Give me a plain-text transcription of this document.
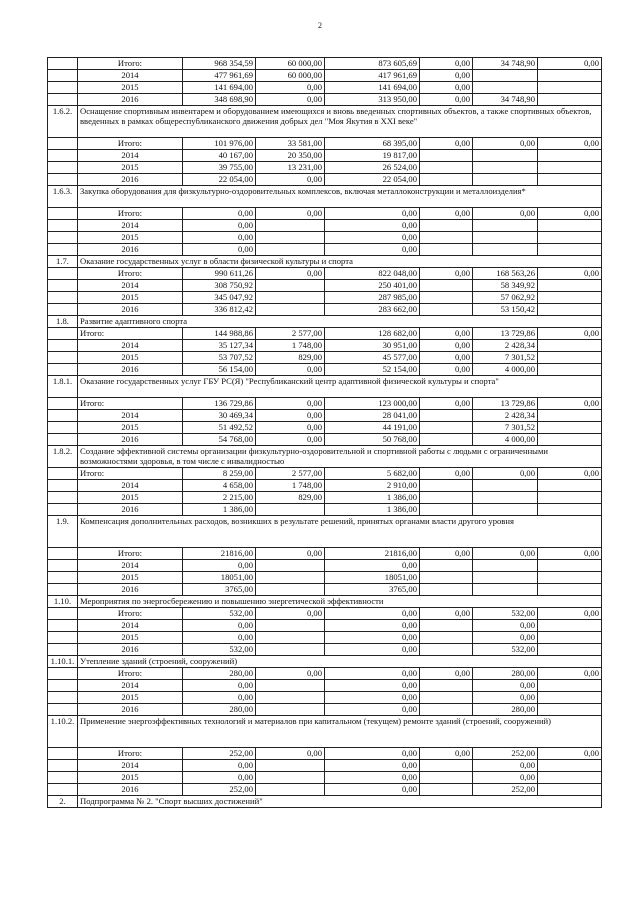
2
	Итого:	968 354,59	60 000,00	873 605,69	0,00	34 748,90	0,00
	2014	477 961,69	60 000,00	417 961,69	0,00		
	2015	141 694,00	0,00	141 694,00	0,00		
	2016	348 698,90	0,00	313 950,00	0,00	34 748,90	
1.6.2.	Оснащение спортивным инвентарем и оборудованием имеющихся и вновь введенных спортивных объектов, а также спортивных объектов, введенных в рамках общереспубликанского движения добрых дел "Моя Якутия в XXI веке"						
	Итого:	101 976,00	33 581,00	68 395,00	0,00	0,00	0,00
	2014	40 167,00	20 350,00	19 817,00			
	2015	39 755,00	13 231,00	26 524,00			
	2016	22 054,00	0,00	22 054,00			
1.6.3.	Закупка оборудования для физкультурно-оздоровительных комплексов, включая металлоконструкции и металлоизделия*						
	Итого:	0,00	0,00	0,00	0,00	0,00	0,00
	2014	0,00		0,00			
	2015	0,00		0,00			
	2016	0,00		0,00			
1.7.	Оказание государственных услуг в области физической культуры и спорта						
	Итого:	990 611,26	0,00	822 048,00	0,00	168 563,26	0,00
	2014	308 750,92		250 401,00		58 349,92	
	2015	345 047,92		287 985,00		57 062,92	
	2016	336 812,42		283 662,00		53 150,42	
1.8.	Развитие адаптивного спорта						
	Итого:	144 988,86	2 577,00	128 682,00	0,00	13 729,86	0,00
	2014	35 127,34	1 748,00	30 951,00	0,00	2 428,34	
	2015	53 707,52	829,00	45 577,00	0,00	7 301,52	
	2016	56 154,00	0,00	52 154,00	0,00	4 000,00	
1.8.1.	Оказание государственных услуг ГБУ РС(Я) "Республиканский центр адаптивной физической культуры и спорта"						
	Итого:	136 729,86	0,00	123 000,00	0,00	13 729,86	0,00
	2014	30 469,34	0,00	28 041,00		2 428,34	
	2015	51 492,52	0,00	44 191,00		7 301,52	
	2016	54 768,00	0,00	50 768,00		4 000,00	
1.8.2.	Создание эффективной системы организации физкультурно-оздоровительной и спортивной работы с людьми с ограниченными возможностями здоровья, в том числе с инвалидностью						
	Итого:	8 259,00	2 577,00	5 682,00	0,00	0,00	0,00
	2014	4 658,00	1 748,00	2 910,00			
	2015	2 215,00	829,00	1 386,00			
	2016	1 386,00		1 386,00			
1.9.	Компенсация дополнительных расходов, возникших в результате решений, принятых органами власти другого уровня						
	Итого:	21816,00	0,00	21816,00	0,00	0,00	0,00
	2014	0,00		0,00			
	2015	18051,00		18051,00			
	2016	3765,00		3765,00			
1.10.	Мероприятия по энергосбережению и повышению энергетической эффективности						
	Итого:	532,00	0,00	0,00	0,00	532,00	0,00
	2014	0,00		0,00		0,00	
	2015	0,00		0,00		0,00	
	2016	532,00		0,00		532,00	
1.10.1.	Утепление зданий (строений, сооружений)						
	Итого:	280,00	0,00	0,00	0,00	280,00	0,00
	2014	0,00		0,00		0,00	
	2015	0,00		0,00		0,00	
	2016	280,00		0,00		280,00	
1.10.2.	Применение энергоэффективных технологий и материалов при капитальном (текущем) ремонте зданий (строений, сооружений)						
	Итого:	252,00	0,00	0,00	0,00	252,00	0,00
	2014	0,00		0,00		0,00	
	2015	0,00		0,00		0,00	
	2016	252,00		0,00		252,00	
2.	Подпрограмма № 2. "Спорт высших достижений"						
